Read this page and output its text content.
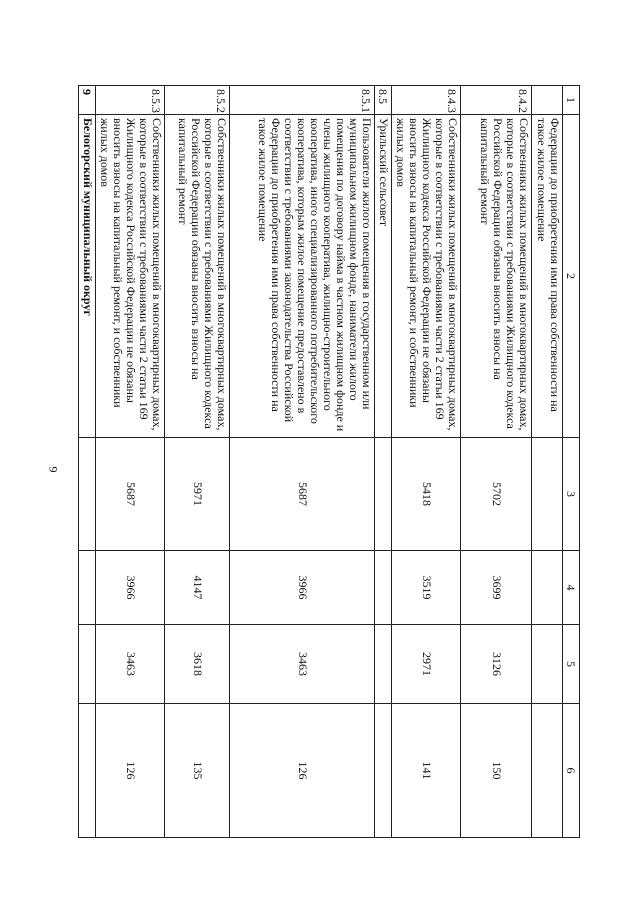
9
1	2	3	4	5	6
	Федерации до приобретения ими права собственности на такое жилое помещение				
8.4.2	Собственники жилых помещений в многоквартирных домах, которые в соответствии с требованиями Жилищного кодекса Российской Федерации обязаны вносить взносы на капитальный ремонт	5702	3699	3126	150
8.4.3	Собственники жилых помещений в многоквартирных домах, которые в соответствии с требованиями части 2 статьи 169 Жилищного кодекса Российской Федерации не обязаны вносить взносы на капитальный ремонт, и собственники жилых домов	5418	3519	2971	141
8.5	Урильский сельсовет				
8.5.1	Пользователи жилого помещения в государственном или муниципальном жилищном фонде, наниматели жилого помещения по договору найма в частном жилищном фонде и члены жилищного кооператива, жилищно-строительного кооператива, иного специализированного потребительского кооператива, которым жилое помещение предоставлено в соответствии с требованиями законодательства Российской Федерации до приобретения ими права собственности на такое жилое помещение	5687	3966	3463	126
8.5.2	Собственники жилых помещений в многоквартирных домах, которые в соответствии с требованиями Жилищного кодекса Российской Федерации обязаны вносить взносы на капитальный ремонт	5971	4147	3618	135
8.5.3	Собственники жилых помещений в многоквартирных домах, которые в соответствии с требованиями части 2 статьи 169 Жилищного кодекса Российской Федерации не обязаны вносить взносы на капитальный ремонт, и собственники жилых домов	5687	3966	3463	126
9	Белогорский муниципальный округ				
